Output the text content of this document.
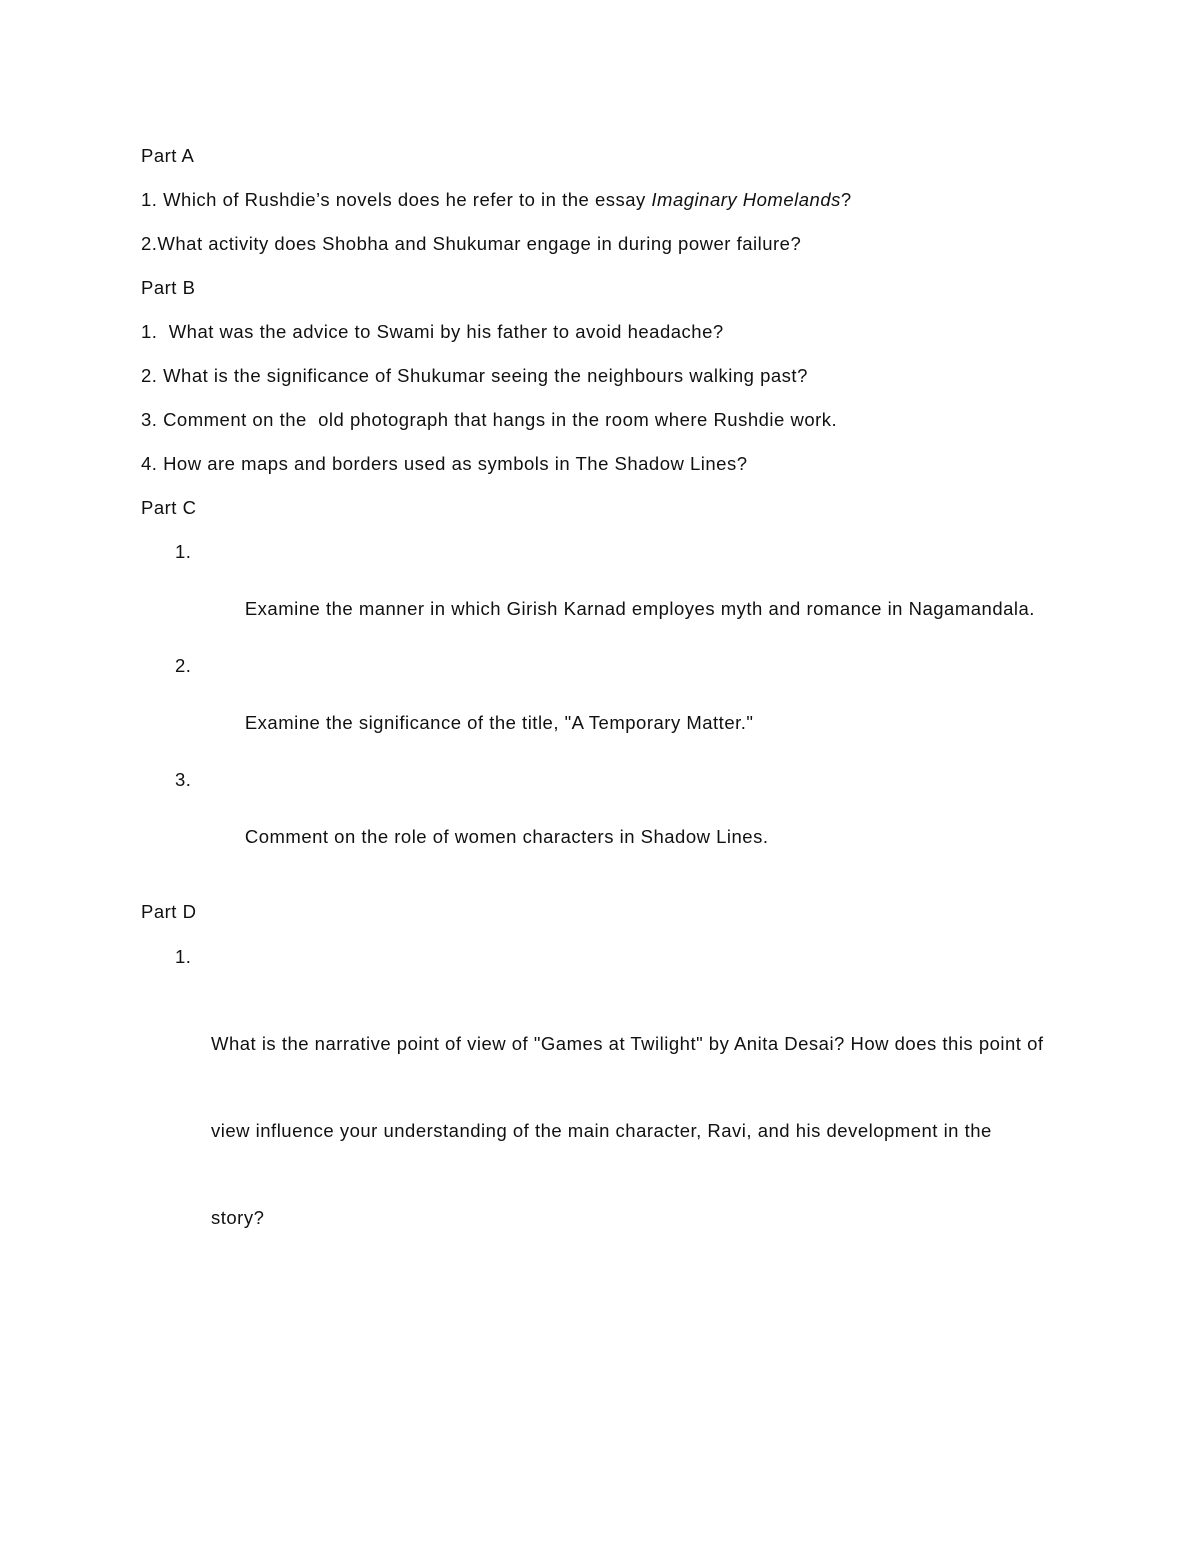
Part A

1. Which of Rushdie’s novels does he refer to in the essay Imaginary Homelands?

2.What activity does Shobha and Shukumar engage in during power failure?

Part B

1.  What was the advice to Swami by his father to avoid headache?

2. What is the significance of Shukumar seeing the neighbours walking past?

3. Comment on the  old photograph that hangs in the room where Rushdie work.

4. How are maps and borders used as symbols in The Shadow Lines?

Part C

1.

Examine the manner in which Girish Karnad employes myth and romance in Nagamandala.

2.

Examine the significance of the title, "A Temporary Matter."

3.

Comment on the role of women characters in Shadow Lines.

Part D

1.

What is the narrative point of view of "Games at Twilight" by Anita Desai? How does this point of

view influence your understanding of the main character, Ravi, and his development in the

story?
